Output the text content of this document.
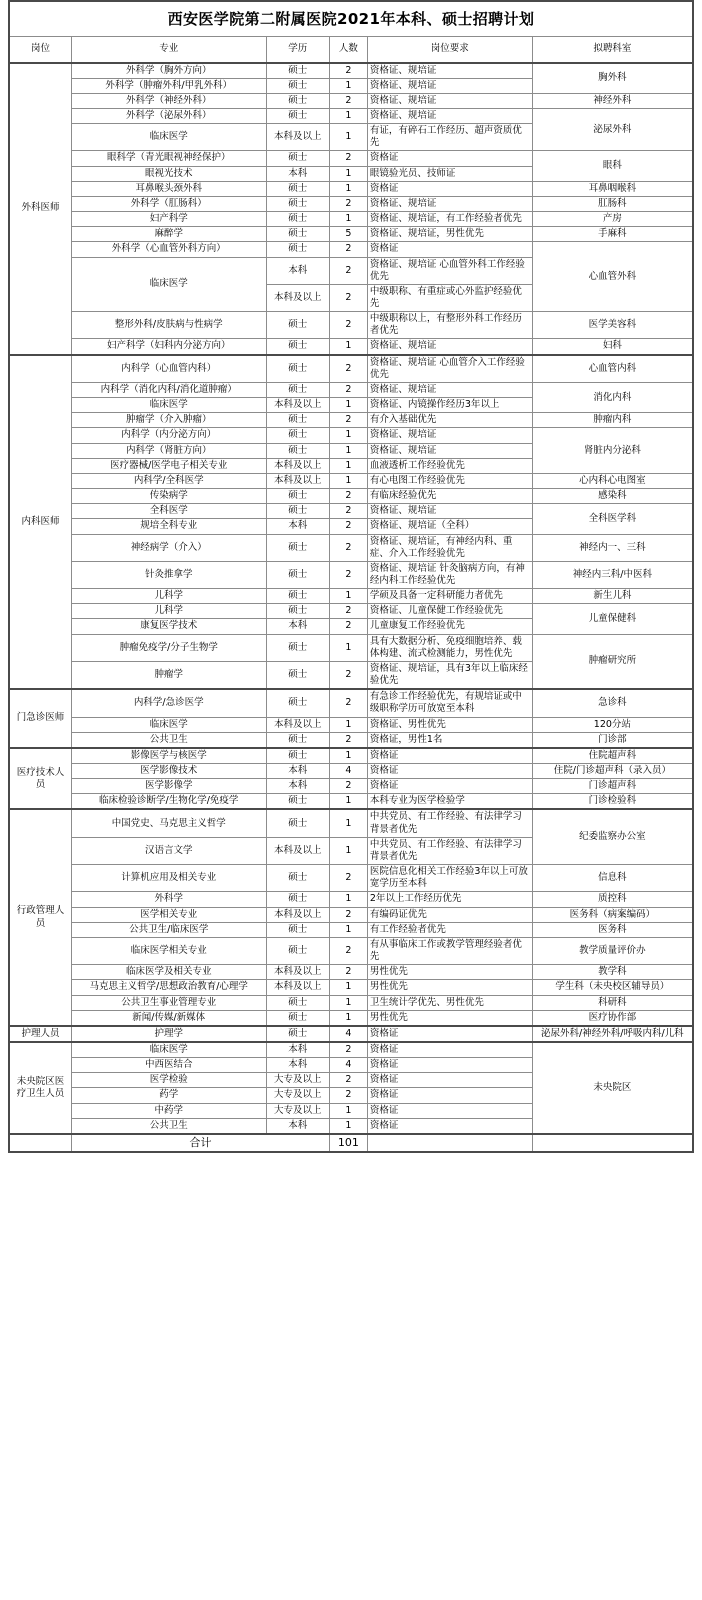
西安医学院第二附属医院2021年本科、硕士招聘计划
岗位	专业	学历	人数	岗位要求	拟聘科室
外科医师	外科学（胸外方向）	硕士	2	资格证、规培证	胸外科
	外科学（肿瘤外科/甲乳外科）	硕士	1	资格证、规培证	
	外科学（神经外科）	硕士	2	资格证、规培证	神经外科
	外科学（泌尿外科）	硕士	1	资格证、规培证	泌尿外科
	临床医学	本科及以上	1	有证，有碎石工作经历、超声资质优先	
	眼科学（青光眼视神经保护）	硕士	2	资格证	眼科
	眼视光技术	本科	1	眼镜验光员、技师证	
	耳鼻喉头颈外科	硕士	1	资格证	耳鼻咽喉科
	外科学（肛肠科）	硕士	2	资格证、规培证	肛肠科
	妇产科学	硕士	1	资格证、规培证，有工作经验者优先	产房
	麻醉学	硕士	5	资格证、规培证，男性优先	手麻科
	外科学（心血管外科方向）	硕士	2	资格证	心血管外科
	临床医学	本科	2	资格证、规培证 心血管外科工作经验优先	
		本科及以上	2	中级职称、有重症或心外监护经验优先	
	整形外科/皮肤病与性病学	硕士	2	中级职称以上，有整形外科工作经历者优先	医学美容科
	妇产科学（妇科内分泌方向）	硕士	1	资格证、规培证	妇科
内科医师	内科学（心血管内科）	硕士	2	资格证、规培证 心血管介入工作经验优先	心血管内科
	内科学（消化内科/消化道肿瘤）	硕士	2	资格证、规培证	消化内科
	临床医学	本科及以上	1	资格证、内镜操作经历3年以上	
	肿瘤学（介入肿瘤）	硕士	2	有介入基础优先	肿瘤内科
	内科学（内分泌方向）	硕士	1	资格证、规培证	肾脏内分泌科
	内科学（肾脏方向）	硕士	1	资格证、规培证	
	医疗器械/医学电子相关专业	本科及以上	1	血液透析工作经验优先	
	内科学/全科医学	本科及以上	1	有心电图工作经验优先	心内科心电图室
	传染病学	硕士	2	有临床经验优先	感染科
	全科医学	硕士	2	资格证、规培证	全科医学科
	规培全科专业	本科	2	资格证、规培证（全科）	
	神经病学（介入）	硕士	2	资格证、规培证，有神经内科、重症、介入工作经验优先	神经内一、三科
	针灸推拿学	硕士	2	资格证、规培证 针灸脑病方向，有神经内科工作经验优先	神经内三科/中医科
	儿科学	硕士	1	学硕及具备一定科研能力者优先	新生儿科
	儿科学	硕士	2	资格证、儿童保健工作经验优先	儿童保健科
	康复医学技术	本科	2	儿童康复工作经验优先	
	肿瘤免疫学/分子生物学	硕士	1	具有大数据分析、免疫细胞培养、载体构建、流式检测能力，男性优先	肿瘤研究所
	肿瘤学	硕士	2	资格证、规培证，具有3年以上临床经验优先	
门急诊医师	内科学/急诊医学	硕士	2	有急诊工作经验优先，有规培证或中级职称学历可放宽至本科	急诊科
	临床医学	本科及以上	1	资格证、男性优先	120分站
	公共卫生	硕士	2	资格证，男性1名	门诊部
医疗技术人员	影像医学与核医学	硕士	1	资格证	住院超声科
	医学影像技术	本科	4	资格证	住院/门诊超声科（录入员）
	医学影像学	本科	2	资格证	门诊超声科
	临床检验诊断学/生物化学/免疫学	硕士	1	本科专业为医学检验学	门诊检验科
行政管理人员	中国党史、马克思主义哲学	硕士	1	中共党员、有工作经验、有法律学习背景者优先	纪委监察办公室
	汉语言文学	本科及以上	1	中共党员、有工作经验、有法律学习背景者优先	
	计算机应用及相关专业	硕士	2	医院信息化相关工作经验3年以上可放宽学历至本科	信息科
	外科学	硕士	1	2年以上工作经历优先	质控科
	医学相关专业	本科及以上	2	有编码证优先	医务科（病案编码）
	公共卫生/临床医学	硕士	1	有工作经验者优先	医务科
	临床医学相关专业	硕士	2	有从事临床工作或教学管理经验者优先	教学质量评价办
	临床医学及相关专业	本科及以上	2	男性优先	教学科
	马克思主义哲学/思想政治教育/心理学	本科及以上	1	男性优先	学生科（未央校区辅导员）
	公共卫生事业管理专业	硕士	1	卫生统计学优先、男性优先	科研科
	新闻/传媒/新媒体	硕士	1	男性优先	医疗协作部
护理人员	护理学	硕士	4	资格证	泌尿外科/神经外科/呼吸内科/儿科
未央院区医疗卫生人员	临床医学	本科	2	资格证	未央院区
	中西医结合	本科	4	资格证	
	医学检验	大专及以上	2	资格证	
	药学	大专及以上	2	资格证	
	中药学	大专及以上	1	资格证	
	公共卫生	本科	1	资格证	
	合计		101		
